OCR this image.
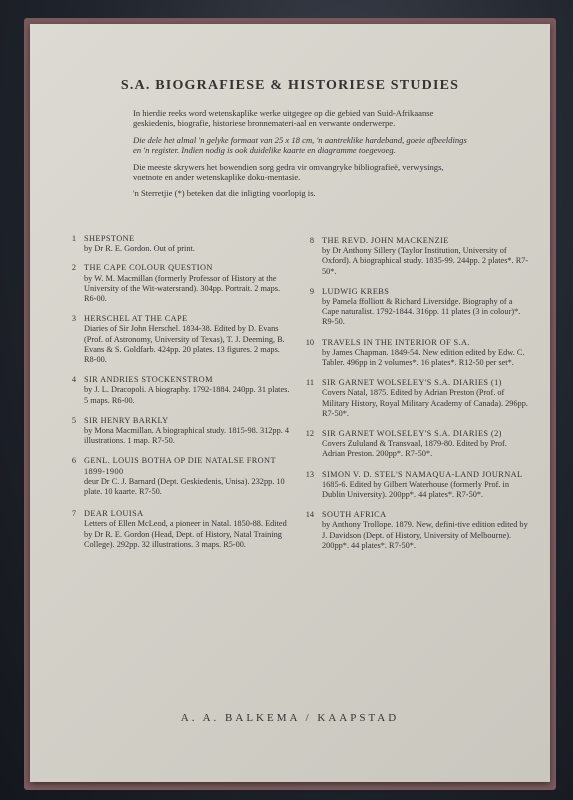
S.A. BIOGRAFIESE & HISTORIESE STUDIES

In hierdie reeks word wetenskaplike werke uitgegee op die gebied van Suid-Afrikaanse geskiedenis, biografie, historiese bronnemateri-aal en verwante onderwerpe.

Die dele het almal 'n gelyke formaat van 25 x 18 cm, 'n aantreklike hardeband, goeie afbeeldings en 'n register. Indien nodig is ook duidelike kaarte en diagramme toegevoeg.

Die meeste skrywers het bowendien sorg gedra vir omvangryke bibliografieë, verwysings, voetnote en ander wetenskaplike doku-mentasie.

'n Sterretjie (*) beteken dat die inligting voorlopig is.

1 SHEPSTONE
by Dr R. E. Gordon. Out of print.
2 THE CAPE COLOUR QUESTION
by W. M. Macmillan (formerly Professor of History at the University of the Wit-watersrand). 304pp. Portrait. 2 maps. R6-00.
3 HERSCHEL AT THE CAPE
Diaries of Sir John Herschel. 1834-38. Edited by D. Evans (Prof. of Astronomy, University of Texas), T. J. Deeming, B. Evans & S. Goldfarb. 424pp. 20 plates. 13 figures. 2 maps. R8-00.
4 SIR ANDRIES STOCKENSTROM
by J. L. Dracopoli. A biography. 1792-1884. 240pp. 31 plates. 5 maps. R6-00.
5 SIR HENRY BARKLY
by Mona Macmillan. A biographical study. 1815-98. 312pp. 4 illustrations. 1 map. R7-50.
6 GENL. LOUIS BOTHA OP DIE NATALSE FRONT 1899-1900
deur Dr C. J. Barnard (Dept. Geskiedenis, Unisa). 232pp. 10 plate. 10 kaarte. R7-50.
7 DEAR LOUISA
Letters of Ellen McLeod, a pioneer in Natal. 1850-88. Edited by Dr R. E. Gordon (Head, Dept. of History, Natal Training College). 292pp. 32 illustrations. 3 maps. R5-00.
8 THE REVD. JOHN MACKENZIE
by Dr Anthony Sillery (Taylor Institution, University of Oxford). A biographical study. 1835-99. 244pp. 2 plates*. R7-50*.
9 LUDWIG KREBS
by Pamela ffolliott & Richard Liversidge. Biography of a Cape naturalist. 1792-1844. 316pp. 11 plates (3 in colour)*. R9-50.
10 TRAVELS IN THE INTERIOR OF S.A.
by James Chapman. 1849-54. New edition edited by Edw. C. Tabler. 496pp in 2 volumes*. 16 plates*. R12-50 per set*.
11 SIR GARNET WOLSELEY'S S.A. DIARIES (1)
Covers Natal, 1875. Edited by Adrian Preston (Prof. of Military History, Royal Military Academy of Canada). 296pp. R7-50*.
12 SIR GARNET WOLSELEY'S S.A. DIARIES (2)
Covers Zululand & Transvaal, 1879-80. Edited by Prof. Adrian Preston. 200pp*. R7-50*.
13 SIMON V. D. STEL'S NAMAQUA-LAND JOURNAL
1685-6. Edited by Gilbert Waterhouse (formerly Prof. in Dublin University). 200pp*. 44 plates*. R7-50*.
14 SOUTH AFRICA
by Anthony Trollope. 1879. New, defini-tive edition edited by J. Davidson (Dept. of History, University of Melbourne). 200pp*. 44 plates*. R7-50*.
A. A. BALKEMA / KAAPSTAD
